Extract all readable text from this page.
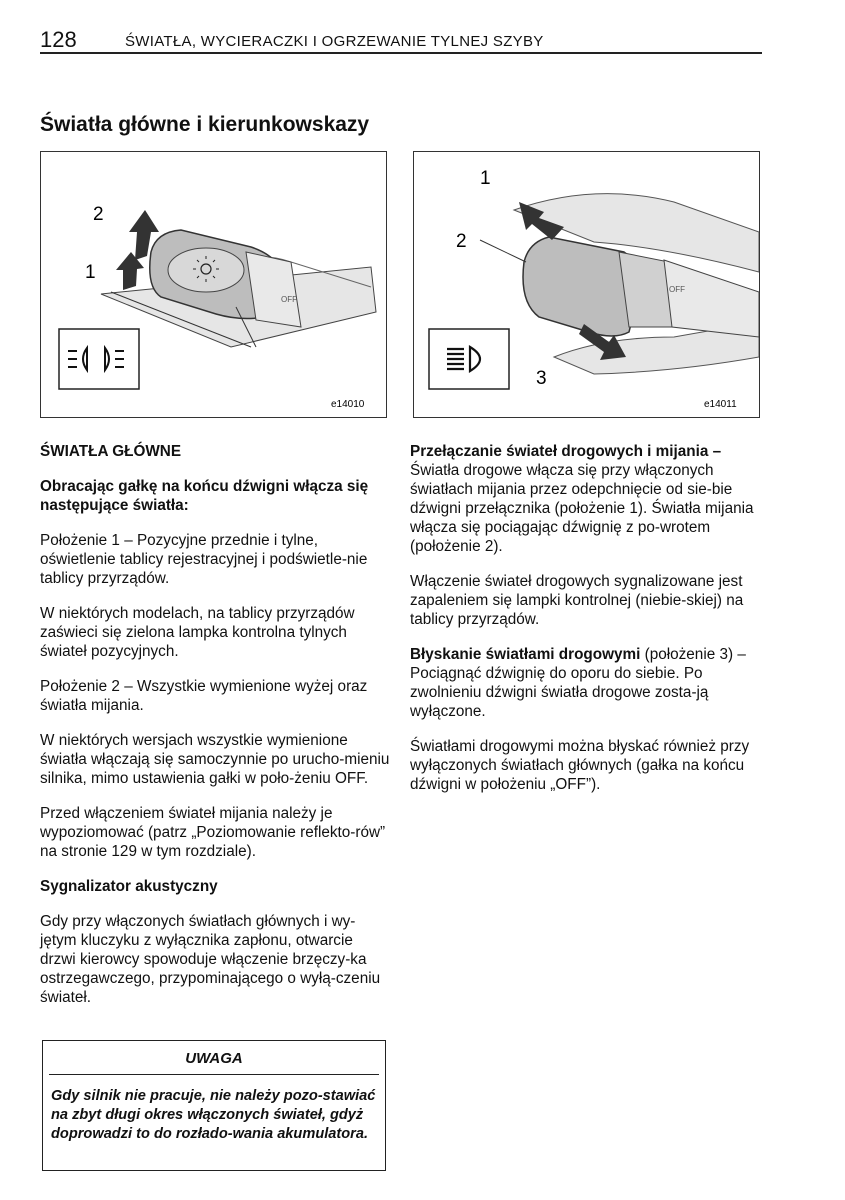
128	ŚWIATŁA, WYCIERACZKI I OGRZEWANIE TYLNEJ SZYBY
Światła główne i kierunkowskazy
OFF
2
1
e14010
OFF
1
2
3
e14011

ŚWIATŁA GŁÓWNE

Obracając gałkę na końcu dźwigni włącza się następujące światła:

Położenie 1 – Pozycyjne przednie i tylne, oświetlenie tablicy rejestracyjnej i podświetle-nie tablicy przyrządów.

W niektórych modelach, na tablicy przyrządów zaświeci się zielona lampka kontrolna tylnych świateł pozycyjnych.

Położenie 2 – Wszystkie wymienione wyżej oraz światła mijania.

W niektórych wersjach wszystkie wymienione światła włączają się samoczynnie po urucho-mieniu silnika, mimo ustawienia gałki w poło-żeniu OFF.

Przed włączeniem świateł mijania należy je wypoziomować (patrz „Poziomowanie reflekto-rów” na stronie 129 w tym rozdziale).

Sygnalizator akustyczny

Gdy przy włączonych światłach głównych i wy-jętym kluczyku z wyłącznika zapłonu, otwarcie drzwi kierowcy spowoduje włączenie brzęczy-ka ostrzegawczego, przypominającego o wyłą-czeniu świateł.

UWAGA
Gdy silnik nie pracuje, nie należy pozo-stawiać na zbyt długi okres włączonych świateł, gdyż doprowadzi to do rozłado-wania akumulatora.

Przełączanie świateł drogowych i mijania –
Światła drogowe włącza się przy włączonych światłach mijania przez odepchnięcie od sie-bie dźwigni przełącznika (położenie 1). Światła mijania włącza się pociągając dźwignię z po-wrotem (położenie 2).

Włączenie świateł drogowych sygnalizowane jest zapaleniem się lampki kontrolnej (niebie-skiej) na tablicy przyrządów.

Błyskanie światłami drogowymi (położenie 3) – Pociągnąć dźwignię do oporu do siebie. Po zwolnieniu dźwigni światła drogowe zosta-ją wyłączone.

Światłami drogowymi można błyskać również przy wyłączonych światłach głównych (gałka na końcu dźwigni w położeniu „OFF”).
